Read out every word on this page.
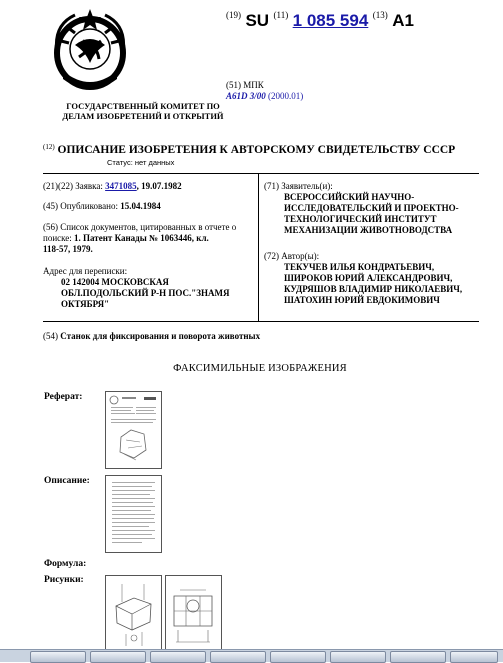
ГОСУДАРСТВЕННЫЙ КОМИТЕТ ПО
ДЕЛАМ ИЗОБРЕТЕНИЙ И ОТКРЫТИЙ
$^{(19)}$ SU $^{(11)}$ 1 085 594 $^{(13)}$ A1
(51) МПК
A61D 3/00 (2000.01)
$^{(12)}$ ОПИСАНИЕ ИЗОБРЕТЕНИЯ К АВТОРСКОМУ СВИДЕТЕЛЬСТВУ СССР
Статус: нет данных
(21)(22) Заявка: 3471085, 19.07.1982
(45) Опубликовано: 15.04.1984
(56) Список документов, цитированных в отчете о
поиске: 1. Патент Канады № 1063446, кл.
118-57, 1979.
Адрес для переписки:
02 142004 МОСКОВСКАЯ
ОБЛ.ПОДОЛЬСКИЙ Р-Н ПОС."ЗНАМЯ
ОКТЯБРЯ"
(71) Заявитель(и):
ВСЕРОССИЙСКИЙ НАУЧНО-
ИССЛЕДОВАТЕЛЬСКИЙ И ПРОЕКТНО-
ТЕХНОЛОГИЧЕСКИЙ ИНСТИТУТ
МЕХАНИЗАЦИИ ЖИВОТНОВОДСТВА
(72) Автор(ы):
ТЕКУЧЕВ ИЛЬЯ КОНДРАТЬЕВИЧ,
ШИРОКОВ ЮРИЙ АЛЕКСАНДРОВИЧ,
КУДРЯШОВ ВЛАДИМИР НИКОЛАЕВИЧ,
ШАТОХИН ЮРИЙ ЕВДОКИМОВИЧ
(54) Станок для фиксирования и поворота животных
ФАКСИМИЛЬНЫЕ ИЗОБРАЖЕНИЯ
Реферат:
Описание:
Формула:
Рисунки:
